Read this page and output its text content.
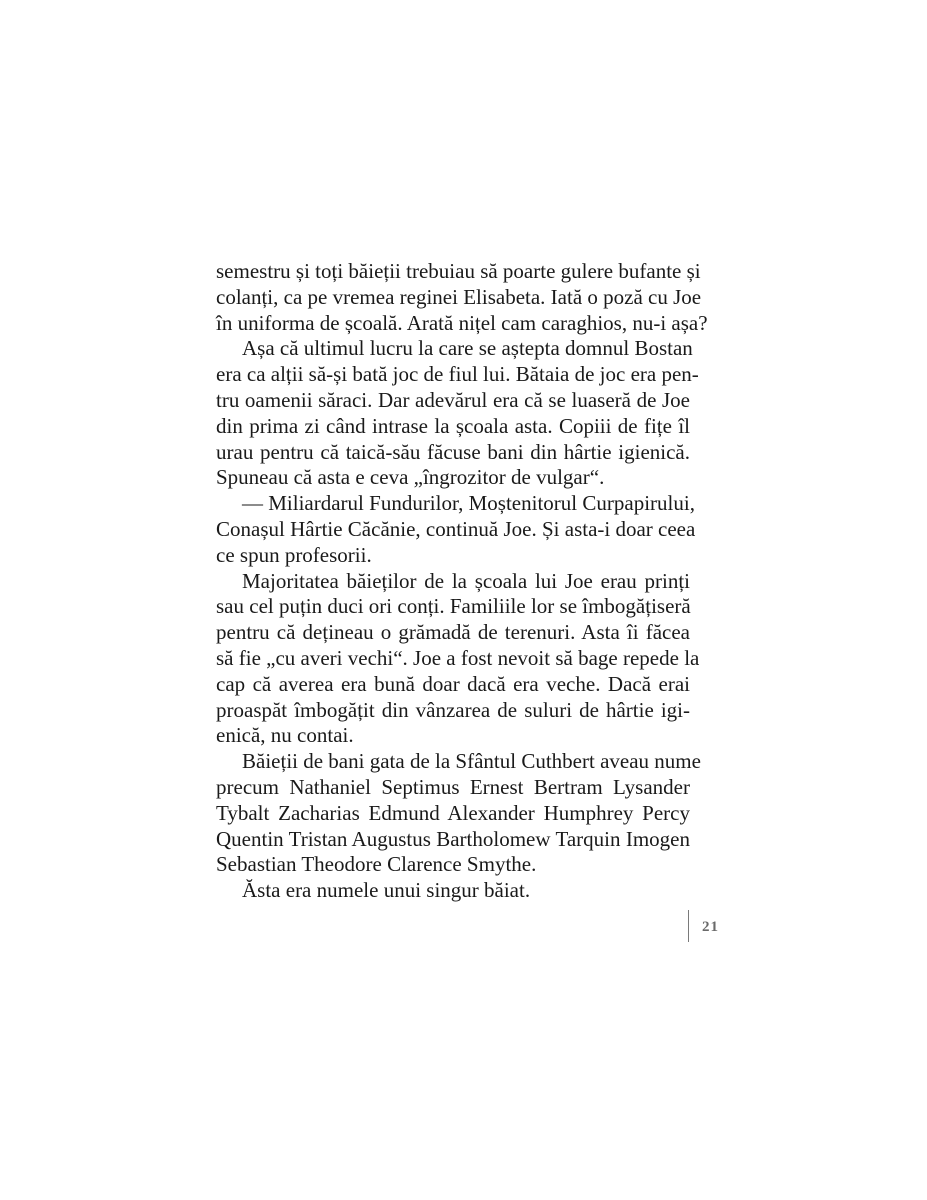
semestru și toți băieții trebuiau să poarte gulere bufante și
colanți, ca pe vremea reginei Elisabeta. Iată o poză cu Joe
în uniforma de școală. Arată nițel cam caraghios, nu-i așa?
Așa că ultimul lucru la care se aștepta domnul Bostan
era ca alții să-și bată joc de fiul lui. Bătaia de joc era pen-
tru oamenii săraci. Dar adevărul era că se luaseră de Joe
din prima zi când intrase la școala asta. Copiii de fițe îl
urau pentru că taică-său făcuse bani din hârtie igienică.
Spuneau că asta e ceva „îngrozitor de vulgar“.
— Miliardarul Fundurilor, Moștenitorul Curpapirului,
Conașul Hârtie Căcănie, continuă Joe. Și asta-i doar ceea
ce spun profesorii.
Majoritatea băieților de la școala lui Joe erau prinți
sau cel puțin duci ori conți. Familiile lor se îmbogățiseră
pentru că dețineau o grămadă de terenuri. Asta îi făcea
să fie „cu averi vechi“. Joe a fost nevoit să bage repede la
cap că averea era bună doar dacă era veche. Dacă erai
proaspăt îmbogățit din vânzarea de suluri de hârtie igi-
enică, nu contai.
Băieții de bani gata de la Sfântul Cuthbert aveau nume
precum Nathaniel Septimus Ernest Bertram Lysander
Tybalt Zacharias Edmund Alexander Humphrey Percy
Quentin Tristan Augustus Bartholomew Tarquin Imogen
Sebastian Theodore Clarence Smythe.
Ăsta era numele unui singur băiat.
21
